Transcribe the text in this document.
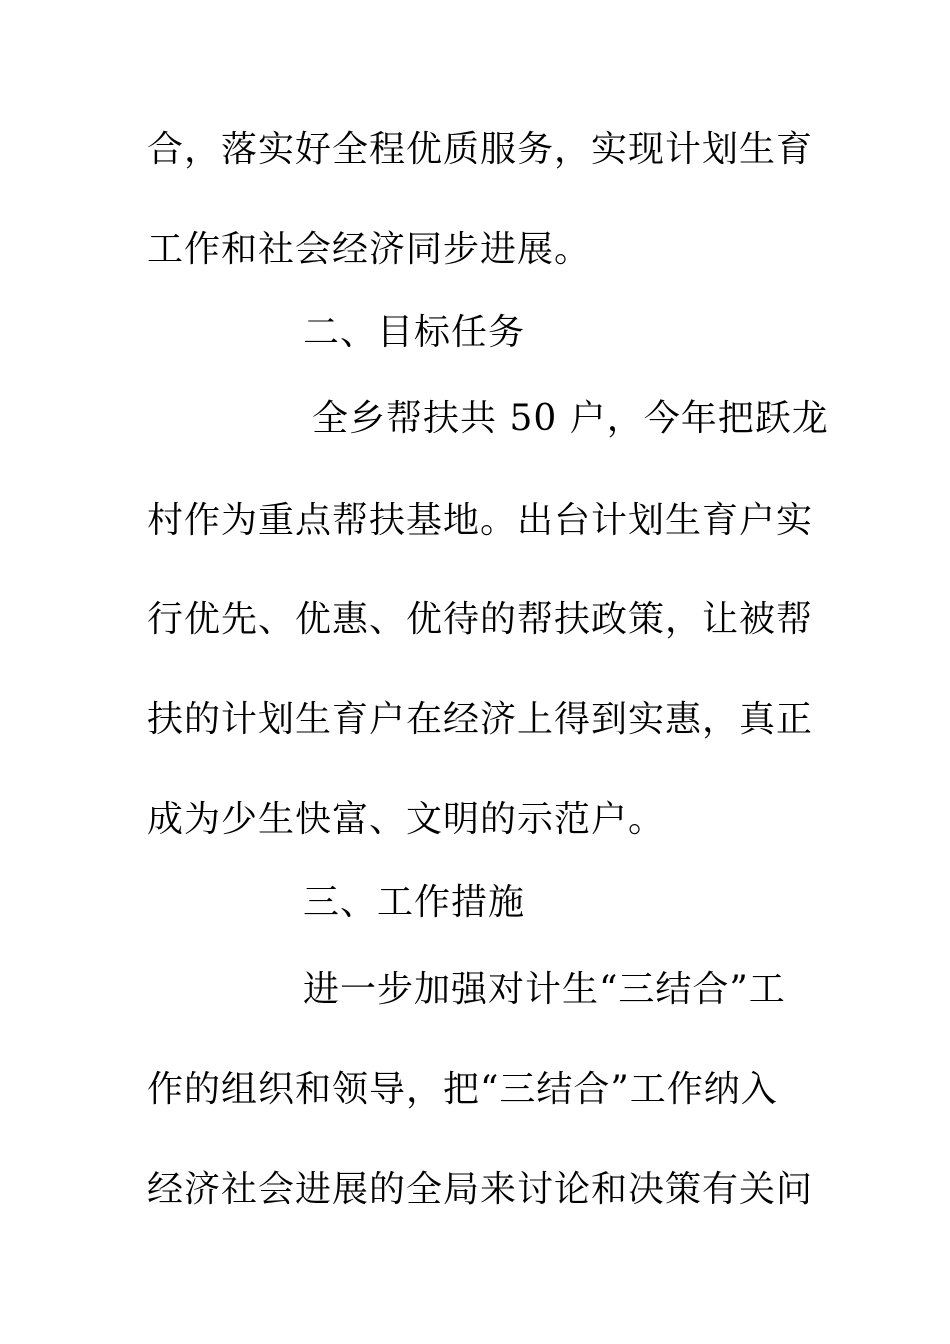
合，落实好全程优质服务，实现计划生育
工作和社会经济同步进展。
二、目标任务
全乡帮扶共 50 户，今年把跃龙
村作为重点帮扶基地。出台计划生育户实
行优先、优惠、优待的帮扶政策，让被帮
扶的计划生育户在经济上得到实惠，真正
成为少生快富、文明的示范户。
三、工作措施
进一步加强对计生“三结合”工
作的组织和领导，把“三结合”工作纳入
经济社会进展的全局来讨论和决策有关问
